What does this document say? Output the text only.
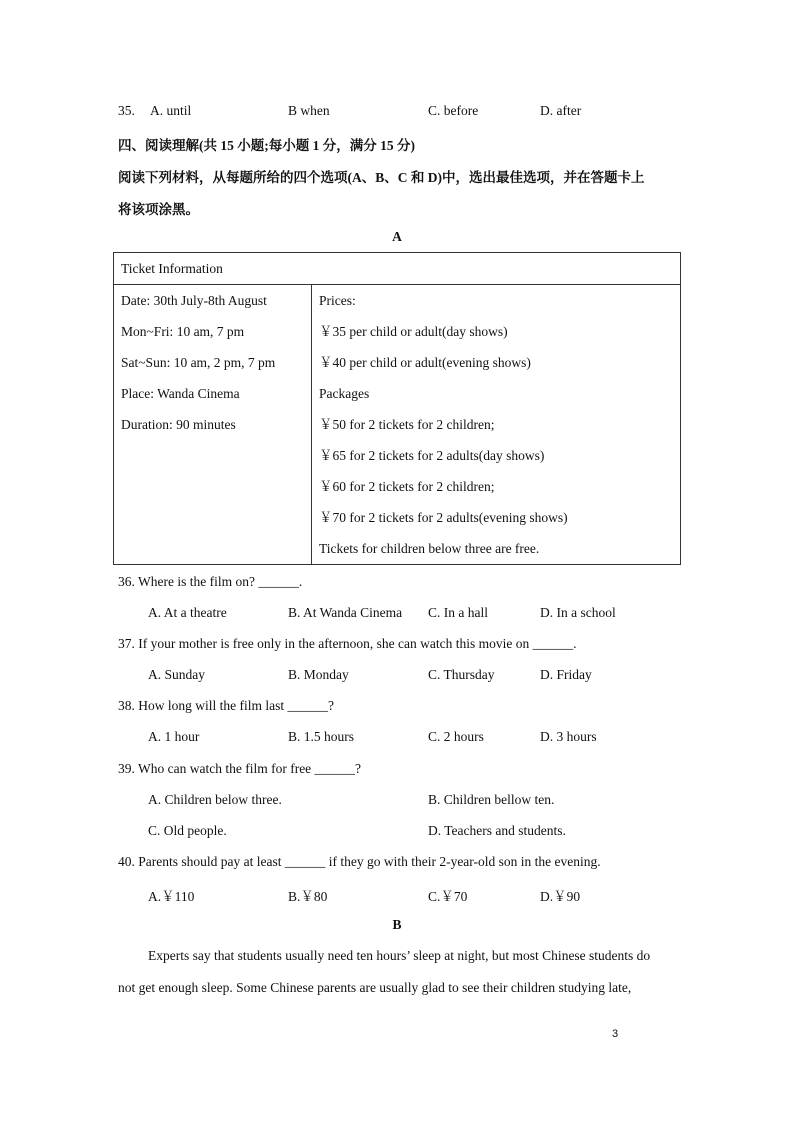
35. A. until	B when	C. before	D. after
四、阅读理解(共 15 小题;每小题 1 分，满分 15 分)
阅读下列材料，从每题所给的四个选项(A、B、C 和 D)中，选出最佳选项，并在答题卡上
将该项涂黑。
A
Ticket Information

Date: 30th July-8th August
Mon~Fri: 10 am, 7 pm
Sat~Sun: 10 am, 2 pm, 7 pm
Place: Wanda Cinema
Duration: 90 minutes

Prices:
￥35 per child or adult(day shows)
￥40 per child or adult(evening shows)
Packages
￥50 for 2 tickets for 2 children;
￥65 for 2 tickets for 2 adults(day shows)
￥60 for 2 tickets for 2 children;
￥70 for 2 tickets for 2 adults(evening shows)
Tickets for children below three are free.
36. Where is the film on? ______.
A. At a theatre	B. At Wanda Cinema C. In a hall	D. In a school
37. If your mother is free only in the afternoon, she can watch this movie on ______.
A. Sunday	B. Monday	C. Thursday	D. Friday
38. How long will the film last ______?
A. 1 hour	B. 1.5 hours	C. 2 hours	D. 3 hours
39. Who can watch the film for free ______?
A. Children below three.	B. Children bellow ten.
C. Old people.	D. Teachers and students.
40. Parents should pay at least ______ if they go with their 2-year-old son in the evening.
A.￥110	B.￥80	C.￥70	D.￥90
B
Experts say that students usually need ten hours’ sleep at night, but most Chinese students do
not get enough sleep. Some Chinese parents are usually glad to see their children studying late,
3
